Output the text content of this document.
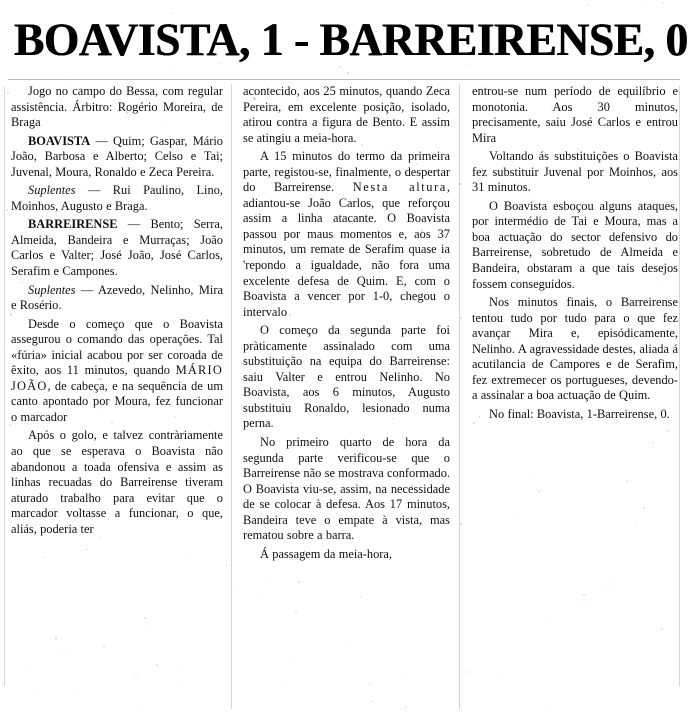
BOAVISTA, 1 - BARREIRENSE, 0

Jogo no campo do Bessa, com regular assistência. Árbitro: Rogério Moreira, de Braga

BOAVISTA — Quim; Gaspar, Mário João, Barbosa e Alberto; Celso e Tai; Juvenal, Moura, Ronaldo e Zeca Pereira.

Suplentes — Rui Paulino, Lino, Moinhos, Augusto e Braga.

BARREIRENSE — Bento; Serra, Almeida, Bandeira e Murraças; João Carlos e Valter; José João, José Carlos, Serafim e Campones.

Suplentes — Azevedo, Nelinho, Mira e Rosério.

Desde o começo que o Boavista assegurou o comando das operações. Tal «fúria» inicial acabou por ser coroada de êxito, aos 11 minutos, quando MÁRIO JOÃO, de cabeça, e na sequência de um canto apontado por Moura, fez funcionar o marcador

Após o golo, e talvez contràriamente ao que se esperava o Boavista não abandonou a toada ofensiva e assim as linhas recuadas do Barreirense tiveram aturado trabalho para evitar que o marcador voltasse a funcionar, o que, aliás, poderia ter

acontecido, aos 25 minutos, quando Zeca Pereira, em excelente posição, isolado, atirou contra a figura de Bento. E assim se atingiu a meia-hora.

A 15 minutos do termo da primeira parte, registou-se, finalmente, o despertar do Barreirense. Nesta altura, adiantou-se João Carlos, que reforçou assim a linha atacante. O Boavista passou por maus momentos e, aos 37 minutos, um remate de Serafim quase ia 'repondo a igualdade, não fora uma excelente defesa de Quim. E, com o Boavista a vencer por 1-0, chegou o intervalo

O começo da segunda parte foi pràticamente assinalado com uma substituição na equipa do Barreirense: saiu Valter e entrou Nelinho. No Boavista, aos 6 minutos, Augusto substituiu Ronaldo, lesionado numa perna.

No primeiro quarto de hora da segunda parte verificou-se que o Barreirense não se mostrava conformado. O Boavista viu-se, assim, na necessidade de se colocar à defesa. Aos 17 minutos, Bandeira teve o empate à vista, mas rematou sobre a barra.

Á passagem da meia-hora,

entrou-se num período de equilíbrio e monotonia. Aos 30 minutos, precisamente, saiu José Carlos e entrou Mira

Voltando ás substituições o Boavista fez substituir Juvenal por Moinhos, aos 31 minutos.

O Boavista esboçou alguns ataques, por intermédio de Tai e Moura, mas a boa actuação do sector defensivo do Barreirense, sobretudo de Almeida e Bandeira, obstaram a que tais desejos fossem conseguidos.

Nos minutos finais, o Barreirense tentou tudo por tudo para o que fez avançar Mira e, episódicamente, Nelinho. A agravessidade destes, aliada á acutilancia de Campores e de Serafim, fez extremecer os portugueses, devendo-a assinalar a boa actuação de Quim.

No final: Boavista, 1-Barreirense, 0.
